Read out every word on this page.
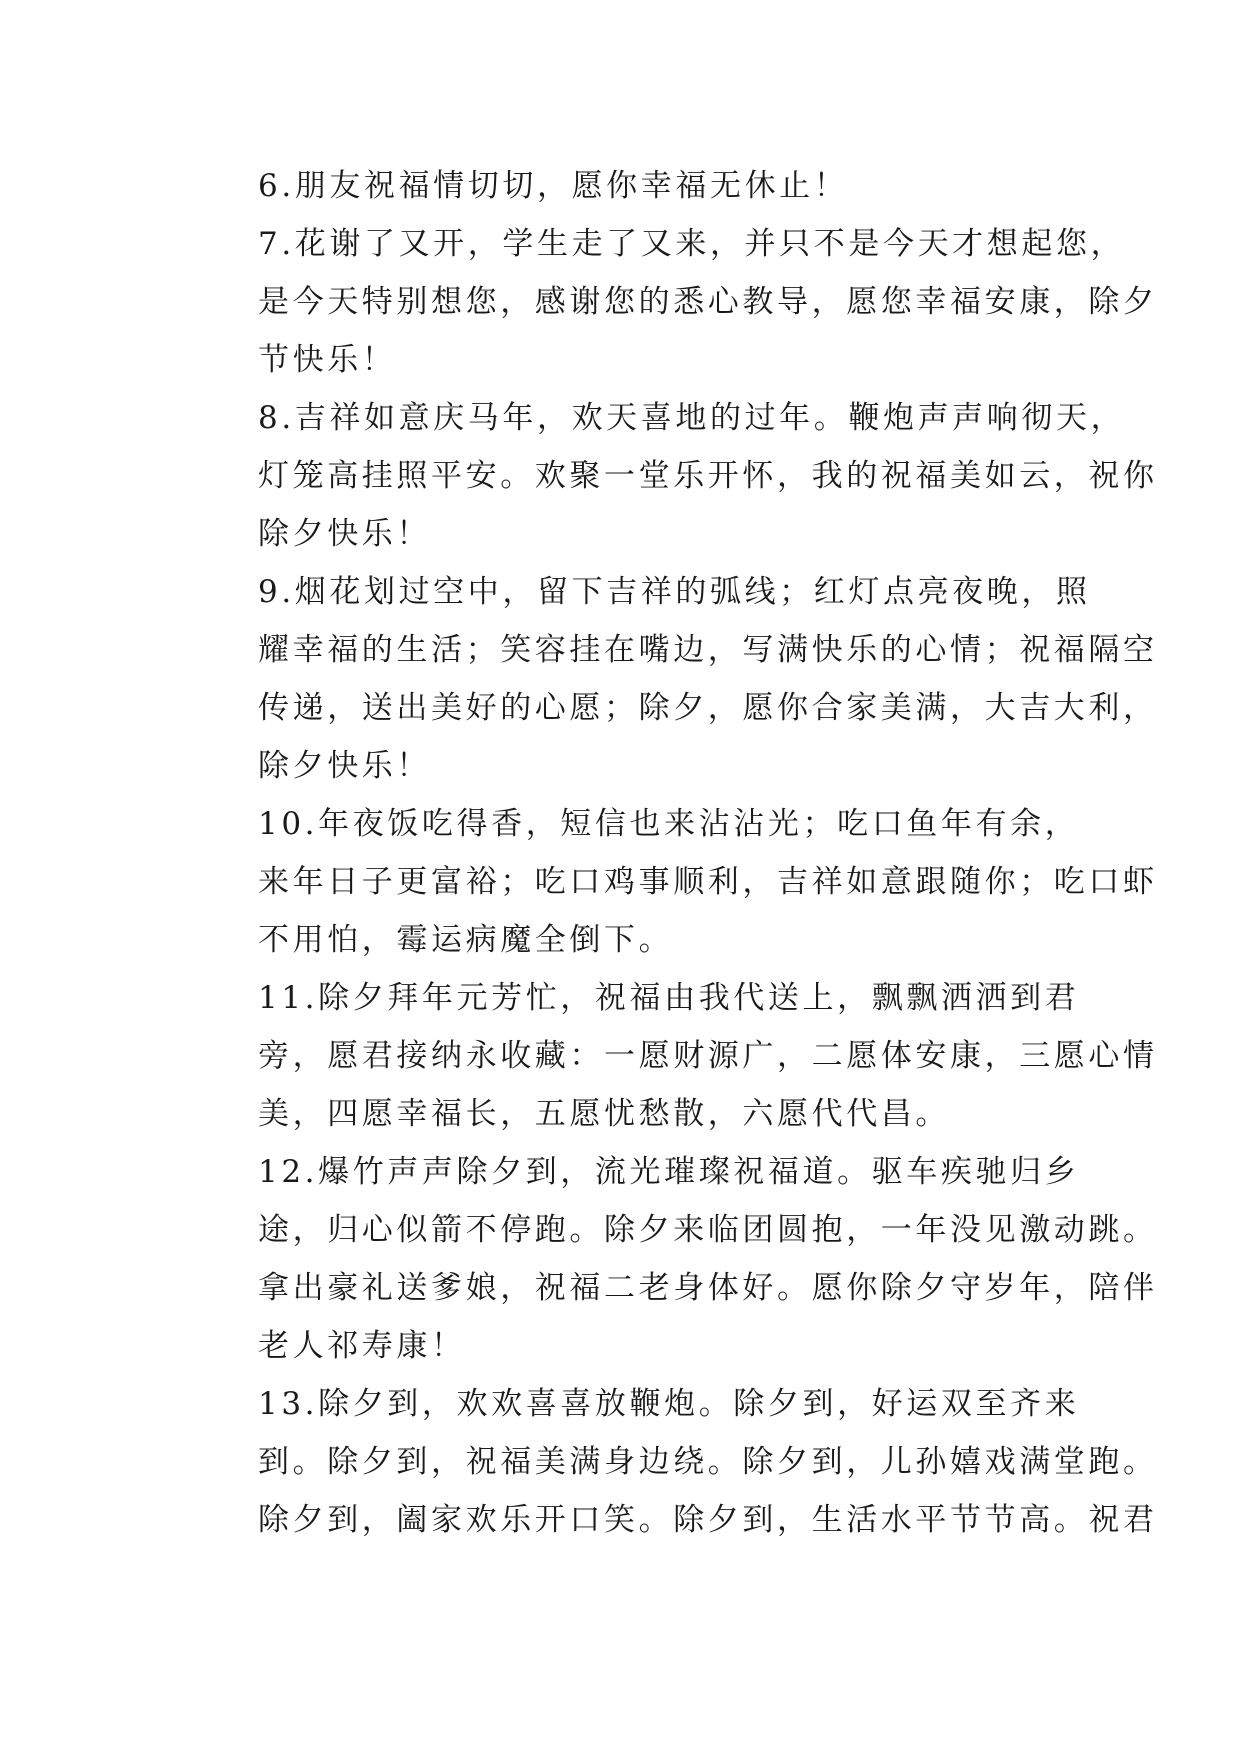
6.朋友祝福情切切，愿你幸福无休止！

7.花谢了又开，学生走了又来，并只不是今天才想起您，
是今天特别想您，感谢您的悉心教导，愿您幸福安康，除夕
节快乐！

8.吉祥如意庆马年，欢天喜地的过年。鞭炮声声响彻天，
灯笼高挂照平安。欢聚一堂乐开怀，我的祝福美如云，祝你
除夕快乐！

9.烟花划过空中，留下吉祥的弧线；红灯点亮夜晚，照
耀幸福的生活；笑容挂在嘴边，写满快乐的心情；祝福隔空
传递，送出美好的心愿；除夕，愿你合家美满，大吉大利，
除夕快乐！

10.年夜饭吃得香，短信也来沾沾光；吃口鱼年有余，
来年日子更富裕；吃口鸡事顺利，吉祥如意跟随你；吃口虾
不用怕，霉运病魔全倒下。

11.除夕拜年元芳忙，祝福由我代送上，飘飘洒洒到君
旁，愿君接纳永收藏：一愿财源广，二愿体安康，三愿心情
美，四愿幸福长，五愿忧愁散，六愿代代昌。

12.爆竹声声除夕到，流光璀璨祝福道。驱车疾驰归乡
途，归心似箭不停跑。除夕来临团圆抱，一年没见激动跳。
拿出豪礼送爹娘，祝福二老身体好。愿你除夕守岁年，陪伴
老人祁寿康！

13.除夕到，欢欢喜喜放鞭炮。除夕到，好运双至齐来
到。除夕到，祝福美满身边绕。除夕到，儿孙嬉戏满堂跑。
除夕到，阖家欢乐开口笑。除夕到，生活水平节节高。祝君
